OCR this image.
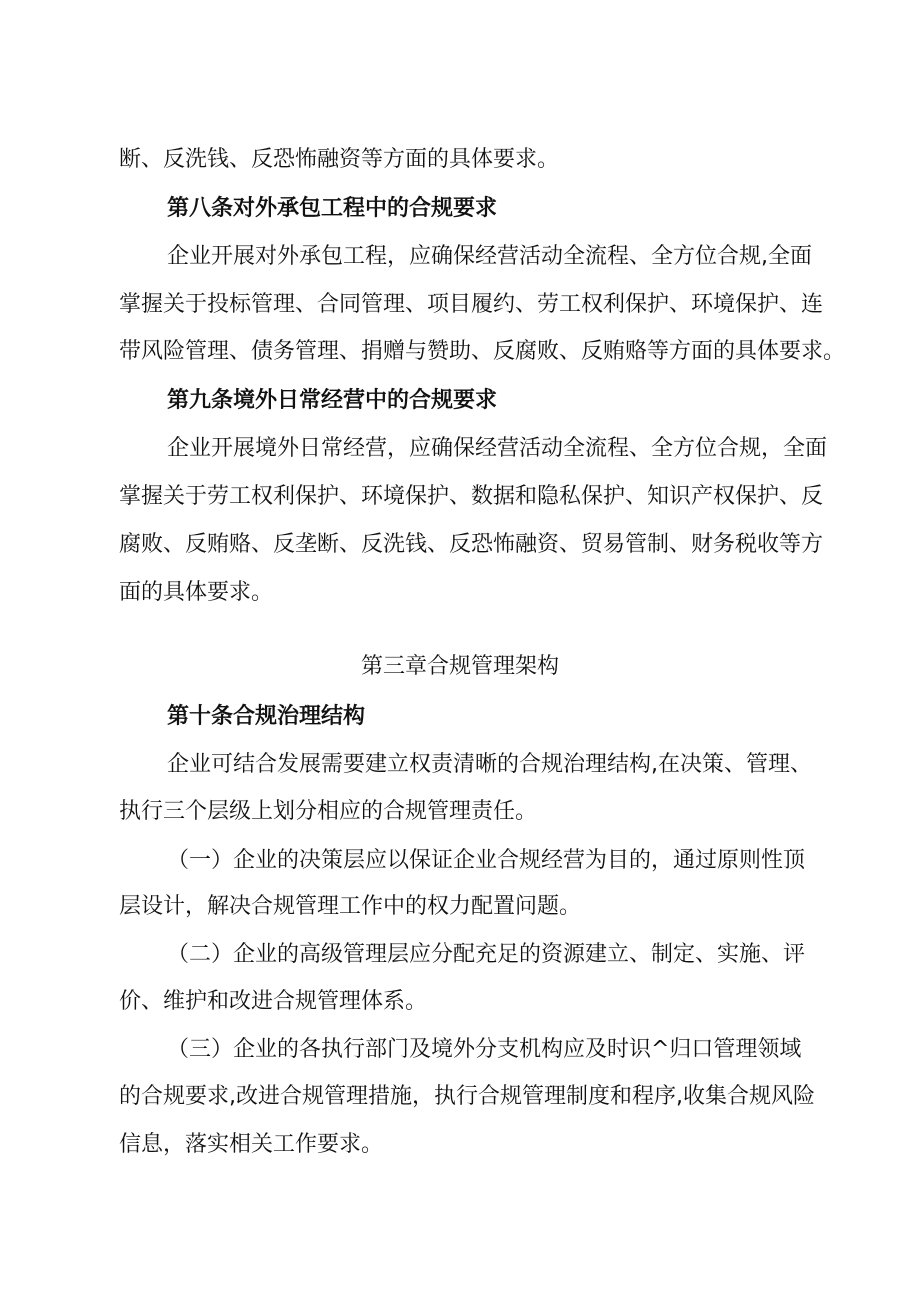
断、反洗钱、反恐怖融资等方面的具体要求。
第八条对外承包工程中的合规要求
企业开展对外承包工程，应确保经营活动全流程、全方位合规,全面
掌握关于投标管理、合同管理、项目履约、劳工权利保护、环境保护、连
带风险管理、债务管理、捐赠与赞助、反腐败、反贿赂等方面的具体要求。
第九条境外日常经营中的合规要求
企业开展境外日常经营，应确保经营活动全流程、全方位合规，全面
掌握关于劳工权利保护、环境保护、数据和隐私保护、知识产权保护、反
腐败、反贿赂、反垄断、反洗钱、反恐怖融资、贸易管制、财务税收等方
面的具体要求。
第三章合规管理架构
第十条合规治理结构
企业可结合发展需要建立权责清晰的合规治理结构,在决策、管理、
执行三个层级上划分相应的合规管理责任。
（一）企业的决策层应以保证企业合规经营为目的，通过原则性顶
层设计，解决合规管理工作中的权力配置问题。
（二）企业的高级管理层应分配充足的资源建立、制定、实施、评
价、维护和改进合规管理体系。
（三）企业的各执行部门及境外分支机构应及时识^归口管理领域
的合规要求,改进合规管理措施，执行合规管理制度和程序,收集合规风险
信息，落实相关工作要求。
